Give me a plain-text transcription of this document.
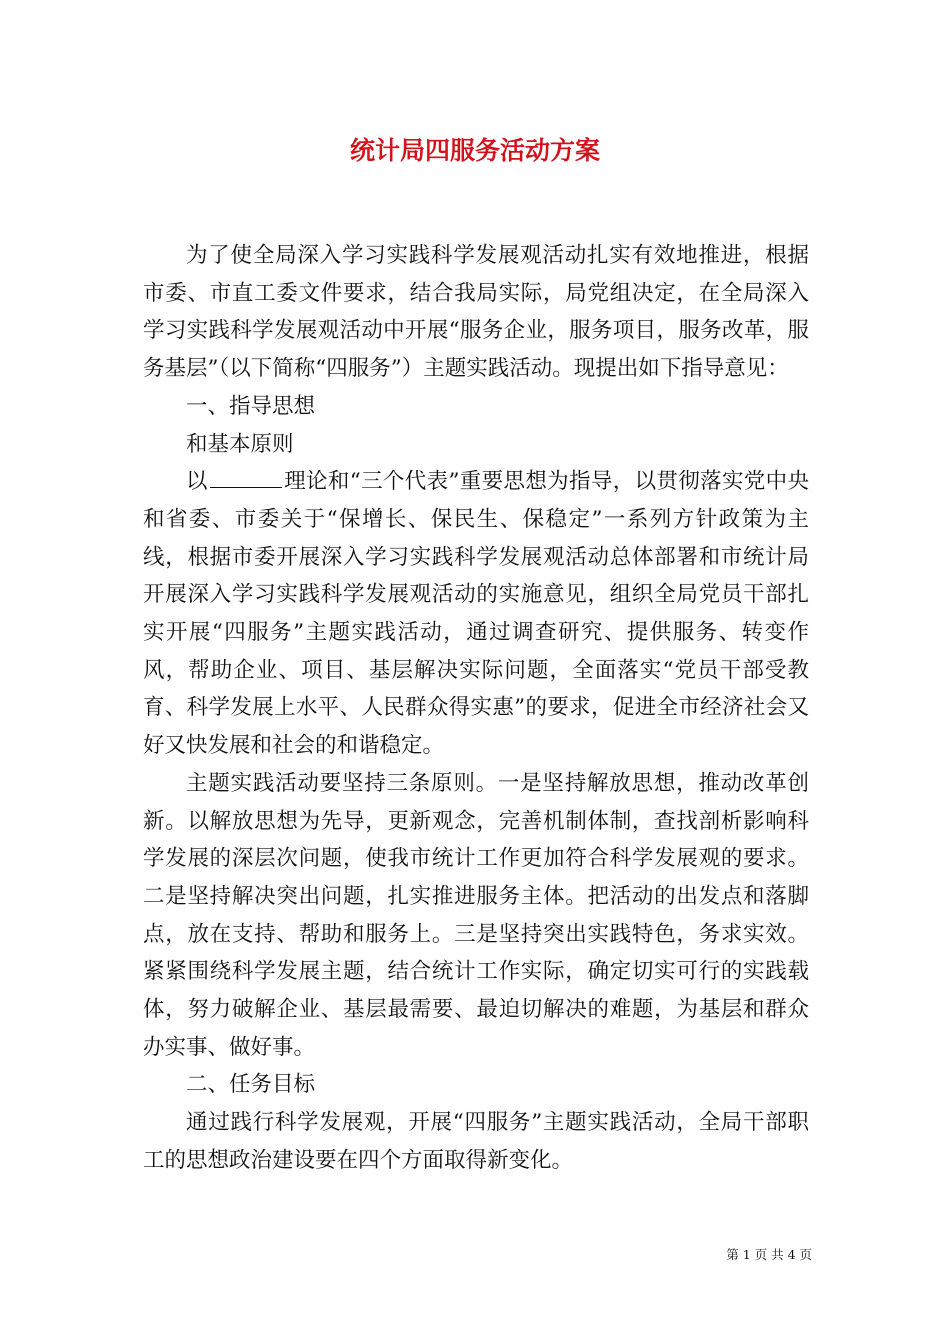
统计局四服务活动方案

为了使全局深入学习实践科学发展观活动扎实有效地推进，根据市委、市直工委文件要求，结合我局实际，局党组决定，在全局深入学习实践科学发展观活动中开展“服务企业，服务项目，服务改革，服务基层”（以下简称“四服务”）主题实践活动。现提出如下指导意见：

一、指导思想

和基本原则

以	理论和“三个代表”重要思想为指导，以贯彻落实党中央和省委、市委关于“保增长、保民生、保稳定”一系列方针政策为主线，根据市委开展深入学习实践科学发展观活动总体部署和市统计局开展深入学习实践科学发展观活动的实施意见，组织全局党员干部扎实开展“四服务”主题实践活动，通过调查研究、提供服务、转变作风，帮助企业、项目、基层解决实际问题，全面落实“党员干部受教育、科学发展上水平、人民群众得实惠”的要求，促进全市经济社会又好又快发展和社会的和谐稳定。

主题实践活动要坚持三条原则。一是坚持解放思想，推动改革创新。以解放思想为先导，更新观念，完善机制体制，查找剖析影响科学发展的深层次问题，使我市统计工作更加符合科学发展观的要求。二是坚持解决突出问题，扎实推进服务主体。把活动的出发点和落脚点，放在支持、帮助和服务上。三是坚持突出实践特色，务求实效。紧紧围绕科学发展主题，结合统计工作实际，确定切实可行的实践载体，努力破解企业、基层最需要、最迫切解决的难题，为基层和群众办实事、做好事。

二、任务目标

通过践行科学发展观，开展“四服务”主题实践活动，全局干部职工的思想政治建设要在四个方面取得新变化。

第 1 页 共 4 页
